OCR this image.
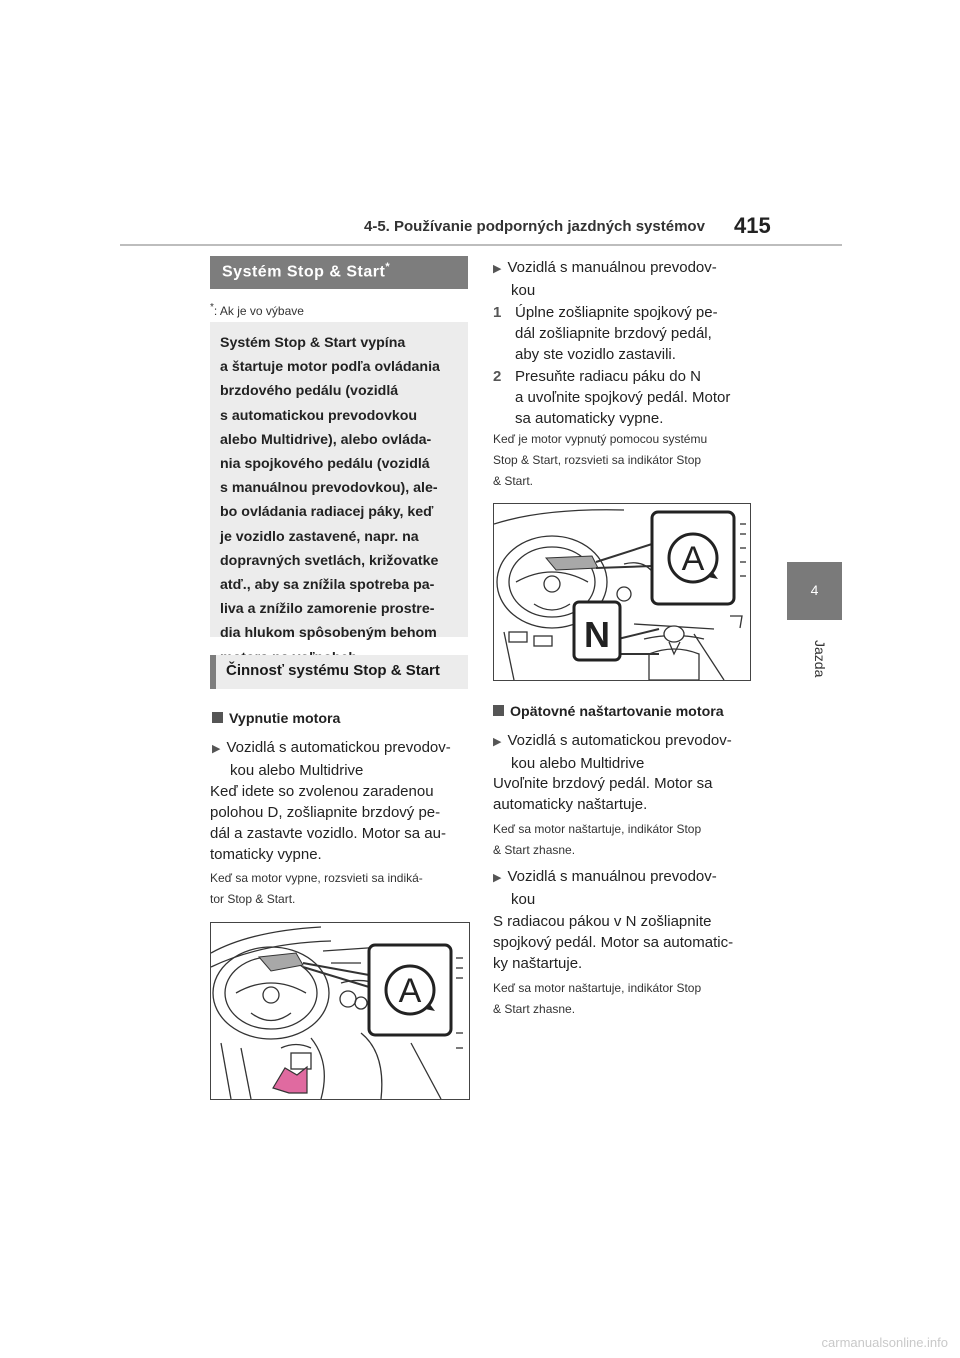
4-5. Používanie podporných jazdných systémov 415
4
Jazda
Systém Stop & Start*
*: Ak je vo výbave
Systém Stop & Start vypína
a štartuje motor podľa ovládania
brzdového pedálu (vozidlá
s automatickou prevodovkou
alebo Multidrive), alebo ovláda-
nia spojkového pedálu (vozidlá
s manuálnou prevodovkou), ale-
bo ovládania radiacej páky, keď
je vozidlo zastavené, napr. na
dopravných svetlách, križovatke
atď., aby sa znížila spotreba pa-
liva a znížilo zamorenie prostre-
dia hlukom spôsobeným behom
Činnosť systému Stop & Start
Vypnutie motora
▶ Vozidlá s automatickou prevodov-
kou alebo Multidrive
Keď idete so zvolenou zaradenou
polohou D, zošliapnite brzdový pe-
dál a zastavte vozidlo. Motor sa au-
tomaticky vypne.
Keď sa motor vypne, rozsvieti sa indiká-
tor Stop & Start.
A
▶ Vozidlá s manuálnou prevodov-
kou
1 Úplne zošliapnite spojkový pe-
dál zošliapnite brzdový pedál,
aby ste vozidlo zastavili.
2 Presuňte radiacu páku do N
a uvoľnite spojkový pedál. Motor
sa automaticky vypne.
Keď je motor vypnutý pomocou systému
Stop & Start, rozsvieti sa indikátor Stop
& Start.
A
N
Opätovné naštartovanie motora
▶ Vozidlá s automatickou prevodov-
kou alebo Multidrive
Uvoľnite brzdový pedál. Motor sa
automaticky naštartuje.
Keď sa motor naštartuje, indikátor Stop
& Start zhasne.
▶ Vozidlá s manuálnou prevodov-
kou
S radiacou pákou v N zošliapnite
spojkový pedál. Motor sa automatic-
ky naštartuje.
Keď sa motor naštartuje, indikátor Stop
& Start zhasne.
carmanualsonline.info
